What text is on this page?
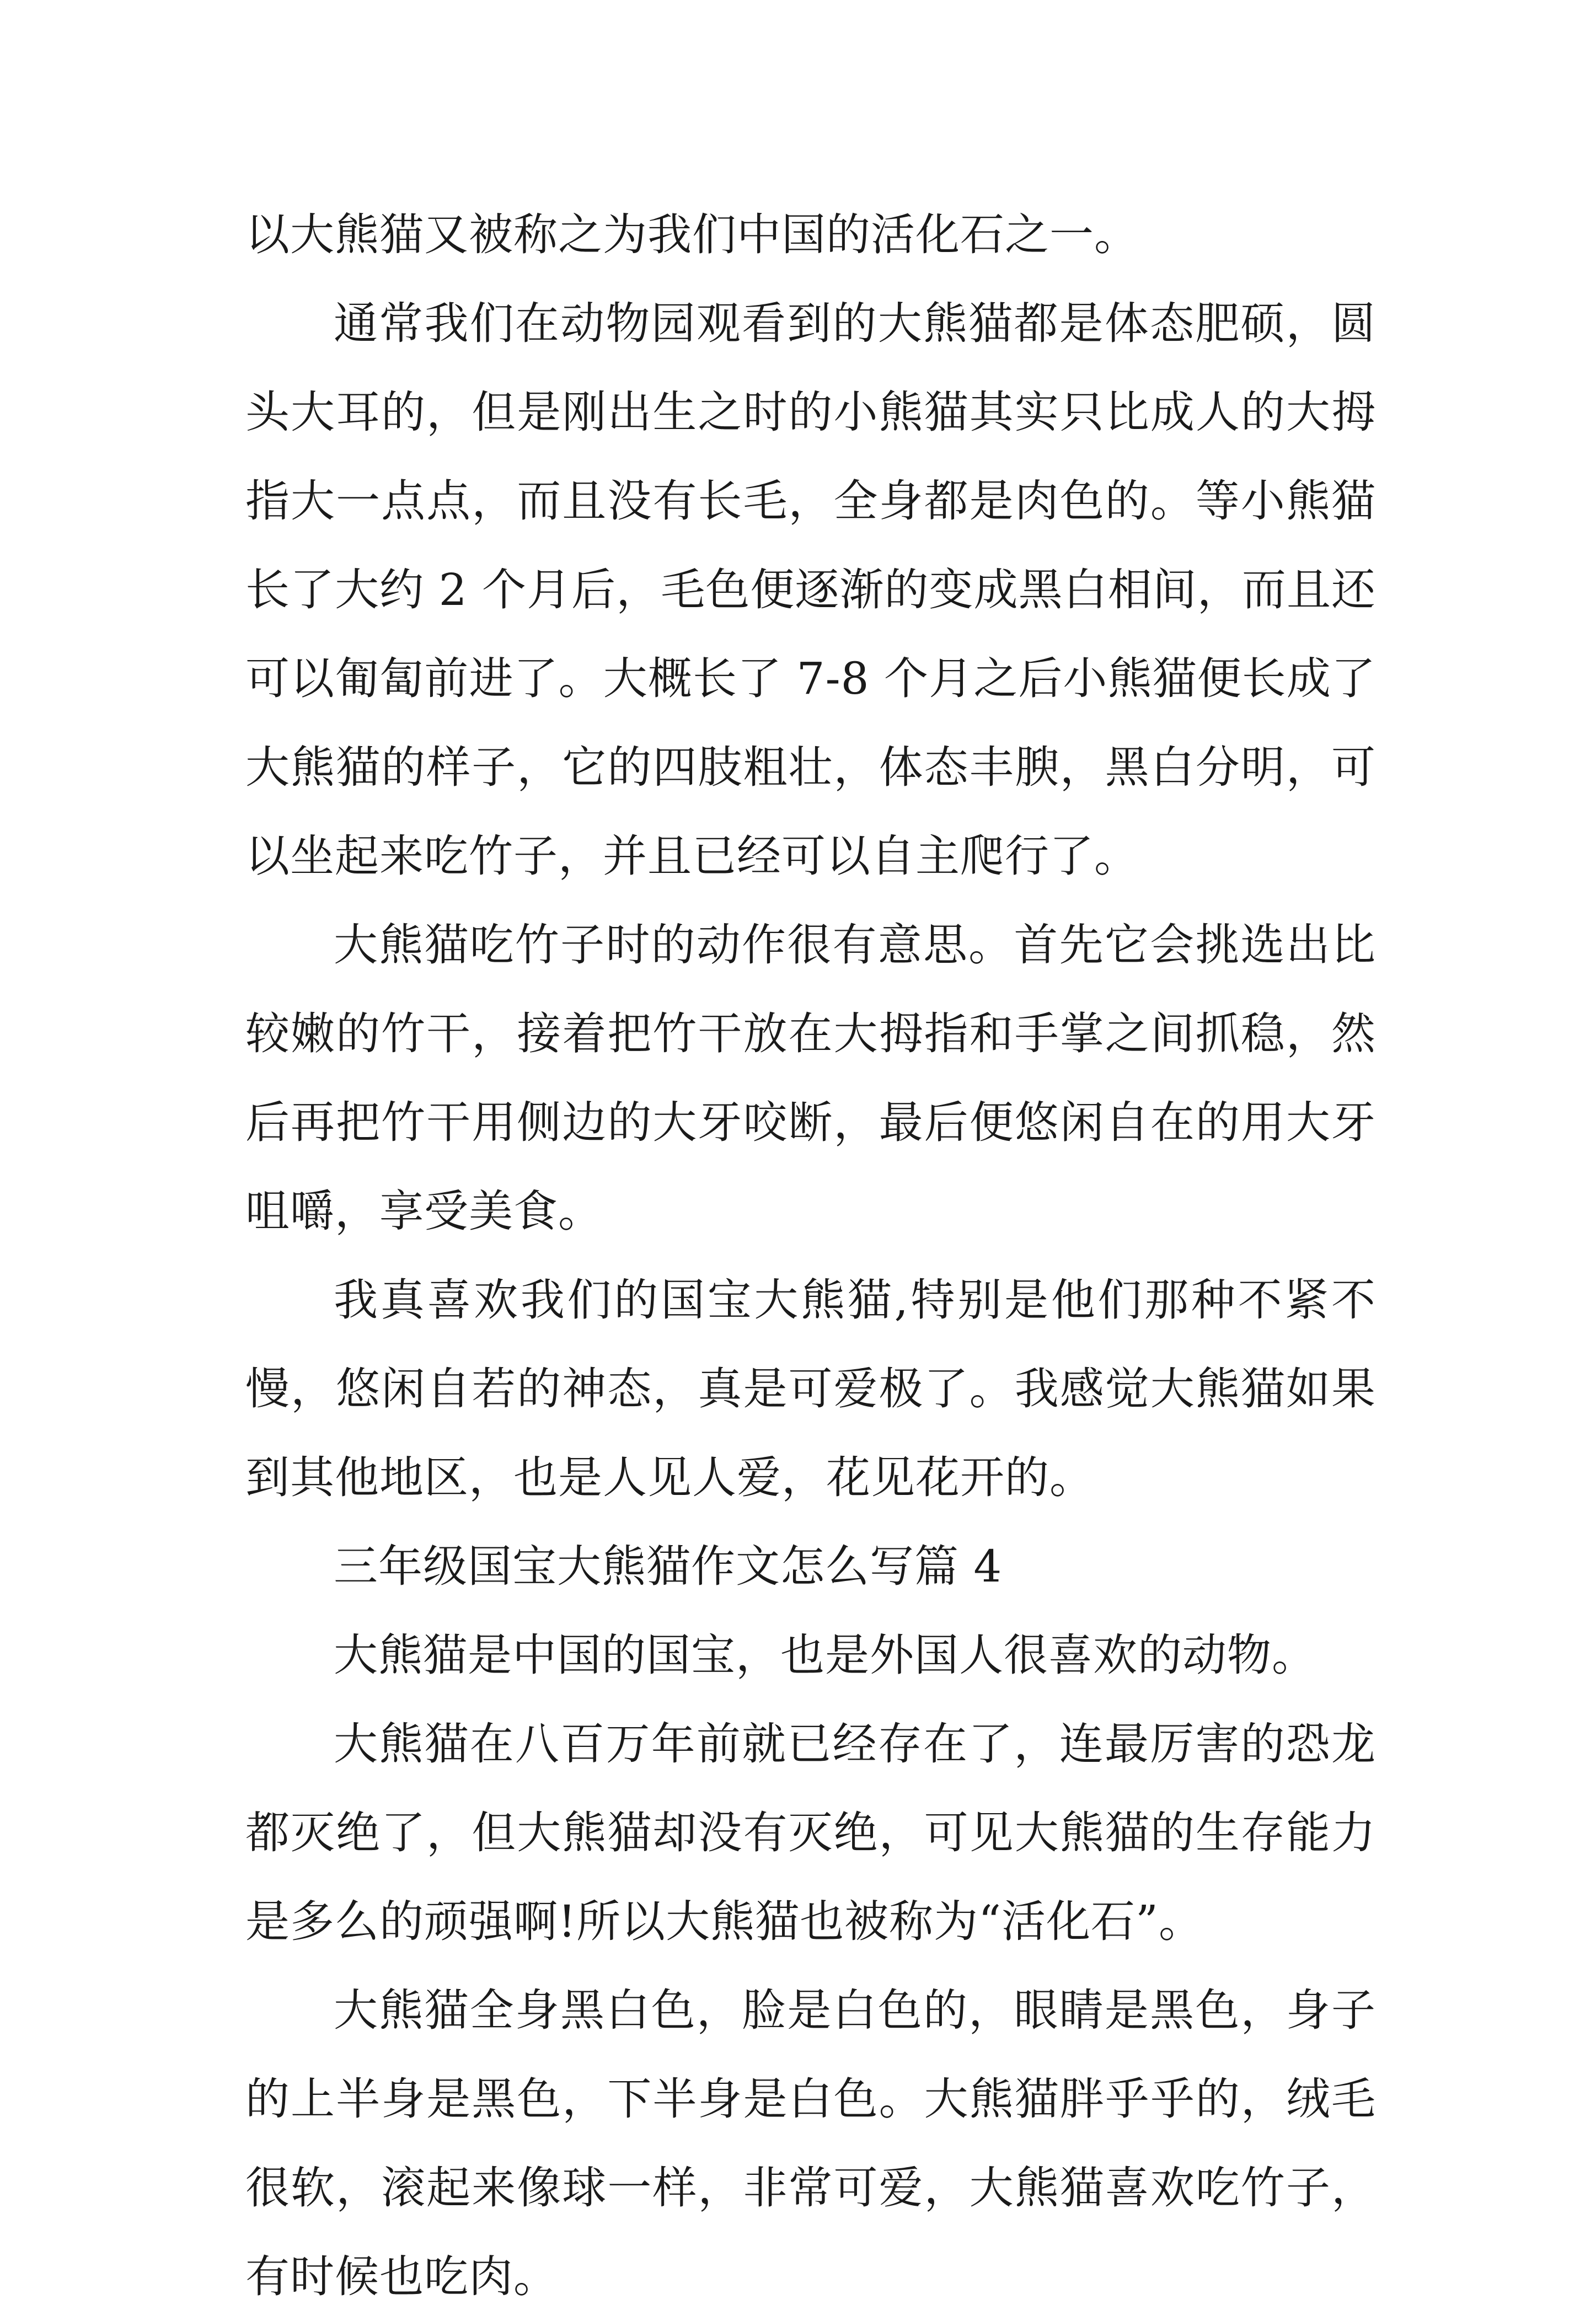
以大熊猫又被称之为我们中国的活化石之一。

通常我们在动物园观看到的大熊猫都是体态肥硕，圆头大耳的，但是刚出生之时的小熊猫其实只比成人的大拇指大一点点，而且没有长毛，全身都是肉色的。等小熊猫长了大约 2 个月后，毛色便逐渐的变成黑白相间，而且还可以匍匐前进了。大概长了 7-8 个月之后小熊猫便长成了大熊猫的样子，它的四肢粗壮，体态丰腴，黑白分明，可以坐起来吃竹子，并且已经可以自主爬行了。

大熊猫吃竹子时的动作很有意思。首先它会挑选出比较嫩的竹干，接着把竹干放在大拇指和手掌之间抓稳，然后再把竹干用侧边的大牙咬断，最后便悠闲自在的用大牙咀嚼，享受美食。

我真喜欢我们的国宝大熊猫,特别是他们那种不紧不慢，悠闲自若的神态，真是可爱极了。我感觉大熊猫如果到其他地区，也是人见人爱，花见花开的。

三年级国宝大熊猫作文怎么写篇 4

大熊猫是中国的国宝，也是外国人很喜欢的动物。

大熊猫在八百万年前就已经存在了，连最厉害的恐龙都灭绝了，但大熊猫却没有灭绝，可见大熊猫的生存能力是多么的顽强啊!所以大熊猫也被称为“活化石”。

大熊猫全身黑白色，脸是白色的，眼睛是黑色，身子的上半身是黑色，下半身是白色。大熊猫胖乎乎的，绒毛很软，滚起来像球一样，非常可爱，大熊猫喜欢吃竹子，有时候也吃肉。
